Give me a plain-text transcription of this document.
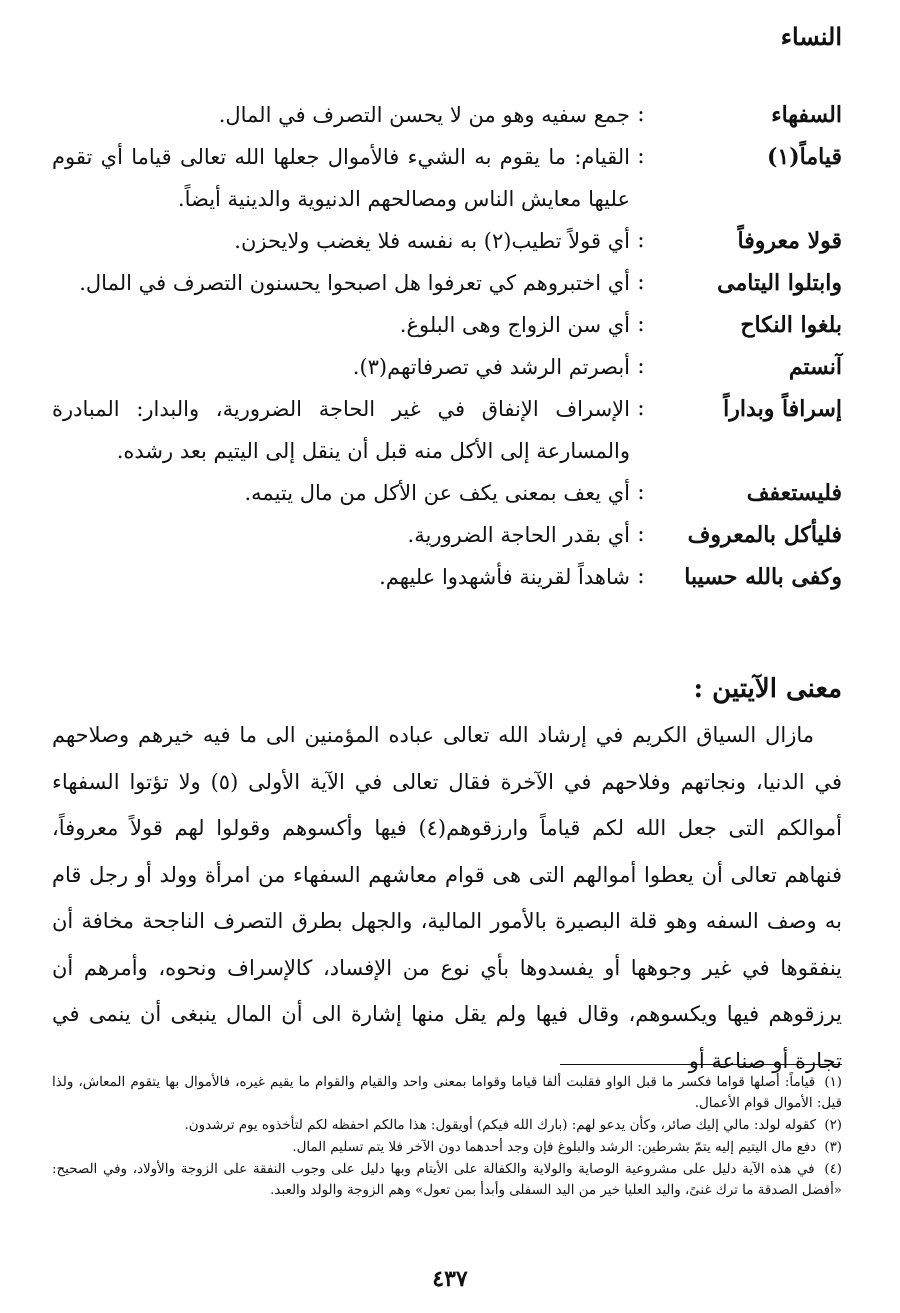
النساء
السفهاء
:
جمع سفيه وهو من لا يحسن التصرف في المال.
قياماً(١)
:
القيام: ما يقوم به الشيء فالأموال جعلها الله تعالى قياما أي تقوم عليها معايش الناس ومصالحهم الدنيوية والدينية أيضاً.
قولا معروفاً
:
أي قولاً تطيب(٢) به نفسه فلا يغضب ولايحزن.
وابتلوا اليتامى
:
أي اختبروهم كي تعرفوا هل اصبحوا يحسنون التصرف في المال.
بلغوا النكاح
:
أي سن الزواج وهى البلوغ.
آنستم
:
أبصرتم الرشد في تصرفاتهم(٣).
إسرافاً وبداراً
:
الإسراف الإنفاق في غير الحاجة الضرورية، والبدار: المبادرة والمسارعة إلى الأكل منه قبل أن ينقل إلى اليتيم بعد رشده.
فليستعفف
:
أي يعف بمعنى يكف عن الأكل من مال يتيمه.
فليأكل بالمعروف
:
أي بقدر الحاجة الضرورية.
وكفى بالله حسيبا
:
شاهداً لقرينة فأشهدوا عليهم.
معنى الآيتين :

مازال السياق الكريم في إرشاد الله تعالى عباده المؤمنين الى ما فيه خيرهم وصلاحهم في الدنيا، ونجاتهم وفلاحهم في الآخرة فقال تعالى في الآية الأولى (٥) ولا تؤتوا السفهاء أموالكم التى جعل الله لكم قياماً وارزقوهم(٤) فيها وأكسوهم وقولوا لهم قولاً معروفاً، فنهاهم تعالى أن يعطوا أموالهم التى هى قوام معاشهم السفهاء من امرأة وولد أو رجل قام به وصف السفه وهو قلة البصيرة بالأمور المالية، والجهل بطرق التصرف الناجحة مخافة أن ينفقوها في غير وجوهها أو يفسدوها بأي نوع من الإفساد، كالإسراف ونحوه، وأمرهم أن يرزقوهم فيها ويكسوهم، وقال فيها ولم يقل منها إشارة الى أن المال ينبغى أن ينمى في تجارة أو صناعة أو

(١) قياماً: أصلها قواما فكسر ما قبل الواو فقلبت ألفا قياما وقواما بمعنى واحد والقيام والقوام ما يقيم غيره، فالأموال بها يتقوم المعاش، ولذا قيل: الأموال قوام الأعمال.
(٢) كقوله لولد: مالي إليك صائر، وكأن يدعو لهم: (بارك الله فيكم) أويقول: هذا مالكم احفظه لكم لتأخذوه يوم ترشدون.
(٣) دفع مال اليتيم إليه يتمّ بشرطين: الرشد والبلوغ فإن وجد أحدهما دون الآخر فلا يتم تسليم المال.
(٤) في هذه الآية دليل على مشروعية الوصاية والولاية والكفالة على الأيتام وبها دليل على وجوب النفقة على الزوجة والأولاد، وفي الصحيح: «أفضل الصدقة ما ترك غنىً، واليد العليا خير من اليد السفلى وأبدأ بمن تعول» وهم الزوجة والولد والعبد.
٤٣٧
